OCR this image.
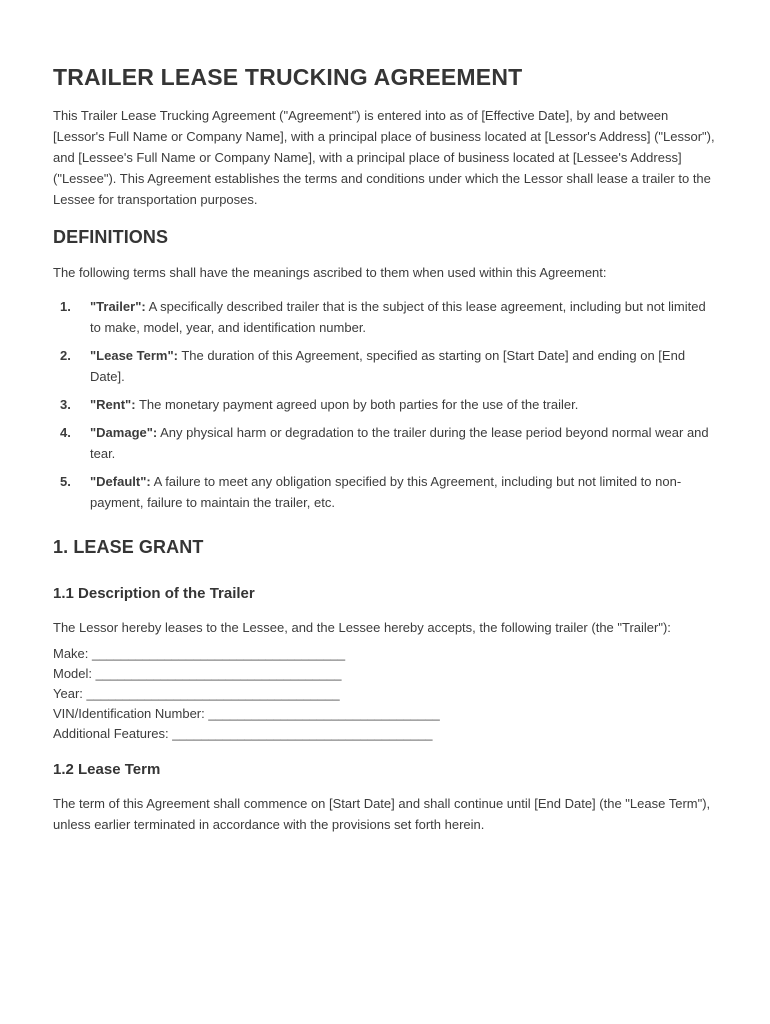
TRAILER LEASE TRUCKING AGREEMENT

This Trailer Lease Trucking Agreement ("Agreement") is entered into as of [Effective Date], by and between [Lessor's Full Name or Company Name], with a principal place of business located at [Lessor's Address] ("Lessor"), and [Lessee's Full Name or Company Name], with a principal place of business located at [Lessee's Address] ("Lessee"). This Agreement establishes the terms and conditions under which the Lessor shall lease a trailer to the Lessee for transportation purposes.

DEFINITIONS

The following terms shall have the meanings ascribed to them when used within this Agreement:

1.	"Trailer": A specifically described trailer that is the subject of this lease agreement, including but not limited to make, model, year, and identification number.

2.	"Lease Term": The duration of this Agreement, specified as starting on [Start Date] and ending on [End Date].

3.	"Rent": The monetary payment agreed upon by both parties for the use of the trailer.

4.	"Damage": Any physical harm or degradation to the trailer during the lease period beyond normal wear and tear.

5.	"Default": A failure to meet any obligation specified by this Agreement, including but not limited to non-payment, failure to maintain the trailer, etc.

1. LEASE GRANT
1.1 Description of the Trailer

The Lessor hereby leases to the Lessee, and the Lessee hereby accepts, the following trailer (the "Trailer"):

Make: ___________________________________
Model: __________________________________
Year: ___________________________________
VIN/Identification Number: ________________________________
Additional Features: ____________________________________
1.2 Lease Term

The term of this Agreement shall commence on [Start Date] and shall continue until [End Date] (the "Lease Term"), unless earlier terminated in accordance with the provisions set forth herein.
